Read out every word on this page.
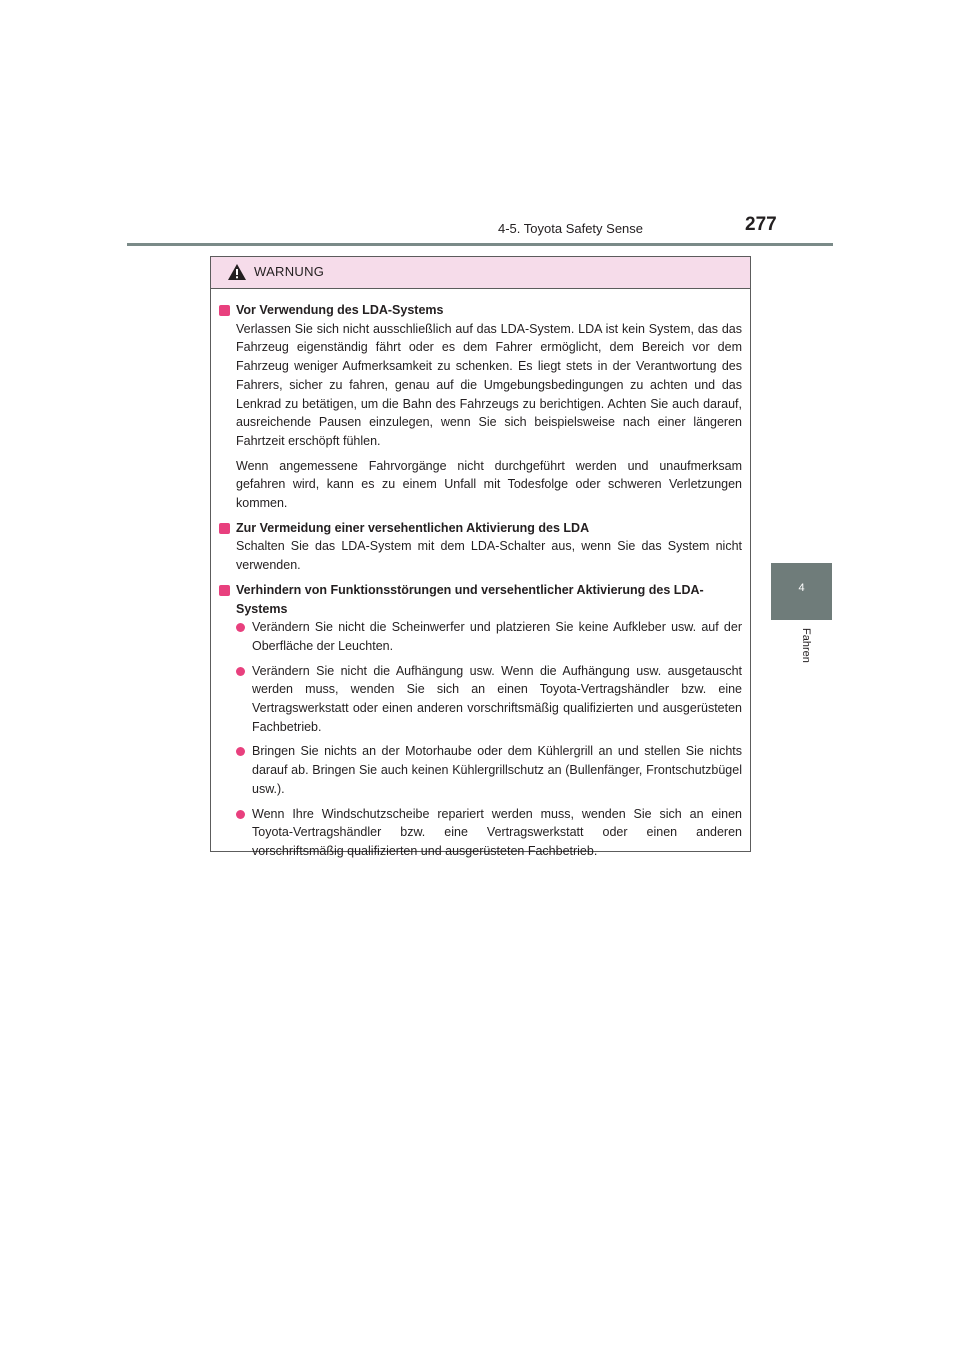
4-5. Toyota Safety Sense	277
4
Fahren
WARNUNG
Vor Verwendung des LDA-Systems

Verlassen Sie sich nicht ausschließlich auf das LDA-System. LDA ist kein System, das das Fahrzeug eigenständig fährt oder es dem Fahrer ermöglicht, dem Bereich vor dem Fahrzeug weniger Aufmerksamkeit zu schenken. Es liegt stets in der Verantwortung des Fahrers, sicher zu fahren, genau auf die Umgebungsbedingungen zu achten und das Lenkrad zu betätigen, um die Bahn des Fahrzeugs zu berichtigen. Achten Sie auch darauf, ausreichende Pausen einzulegen, wenn Sie sich beispielsweise nach einer längeren Fahrtzeit erschöpft fühlen.

Wenn angemessene Fahrvorgänge nicht durchgeführt werden und unaufmerksam gefahren wird, kann es zu einem Unfall mit Todesfolge oder schweren Verletzungen kommen.

Zur Vermeidung einer versehentlichen Aktivierung des LDA

Schalten Sie das LDA-System mit dem LDA-Schalter aus, wenn Sie das System nicht verwenden.

Verhindern von Funktionsstörungen und versehentlicher Aktivierung des LDA-Systems
Verändern Sie nicht die Scheinwerfer und platzieren Sie keine Aufkleber usw. auf der Oberfläche der Leuchten.
Verändern Sie nicht die Aufhängung usw. Wenn die Aufhängung usw. ausgetauscht werden muss, wenden Sie sich an einen Toyota-Vertragshändler bzw. eine Vertragswerkstatt oder einen anderen vorschriftsmäßig qualifizierten und ausgerüsteten Fachbetrieb.
Bringen Sie nichts an der Motorhaube oder dem Kühlergrill an und stellen Sie nichts darauf ab. Bringen Sie auch keinen Kühlergrillschutz an (Bullenfänger, Frontschutzbügel usw.).
Wenn Ihre Windschutzscheibe repariert werden muss, wenden Sie sich an einen Toyota-Vertragshändler bzw. eine Vertragswerkstatt oder einen anderen vorschriftsmäßig qualifizierten und ausgerüsteten Fachbetrieb.
